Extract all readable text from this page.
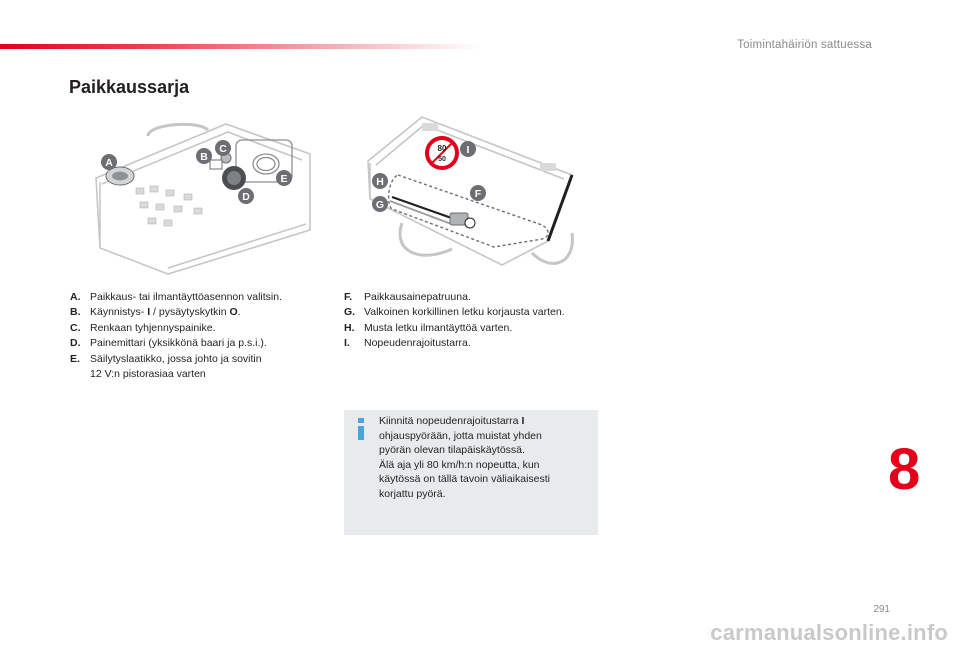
Toimintahäiriön sattuessa
Paikkaussarja
A	B
C
D
E
80
50
I
H
F
G
A. Paikkaus- tai ilmantäyttöasennon valitsin.
B. Käynnistys- I / pysäytyskytkin O.
C. Renkaan tyhjennyspainike.
D. Painemittari (yksikkönä baari ja p.s.i.).
E. Säilytyslaatikko, jossa johto ja sovitin
12 V:n pistorasiaa varten
F.	Paikkausainepatruuna.
G. Valkoinen korkillinen letku korjausta varten.
H. Musta letku ilmantäyttöä varten.
I.	Nopeudenrajoitustarra.

Kiinnitä nopeudenrajoitustarra I

ohjauspyörään, jotta muistat yhden

pyörän olevan tilapäiskäytössä.

Älä aja yli 80 km/h:n nopeutta, kun

käytössä on tällä tavoin väliaikaisesti

korjattu pyörä.	8
291
carmanualsonline.info
